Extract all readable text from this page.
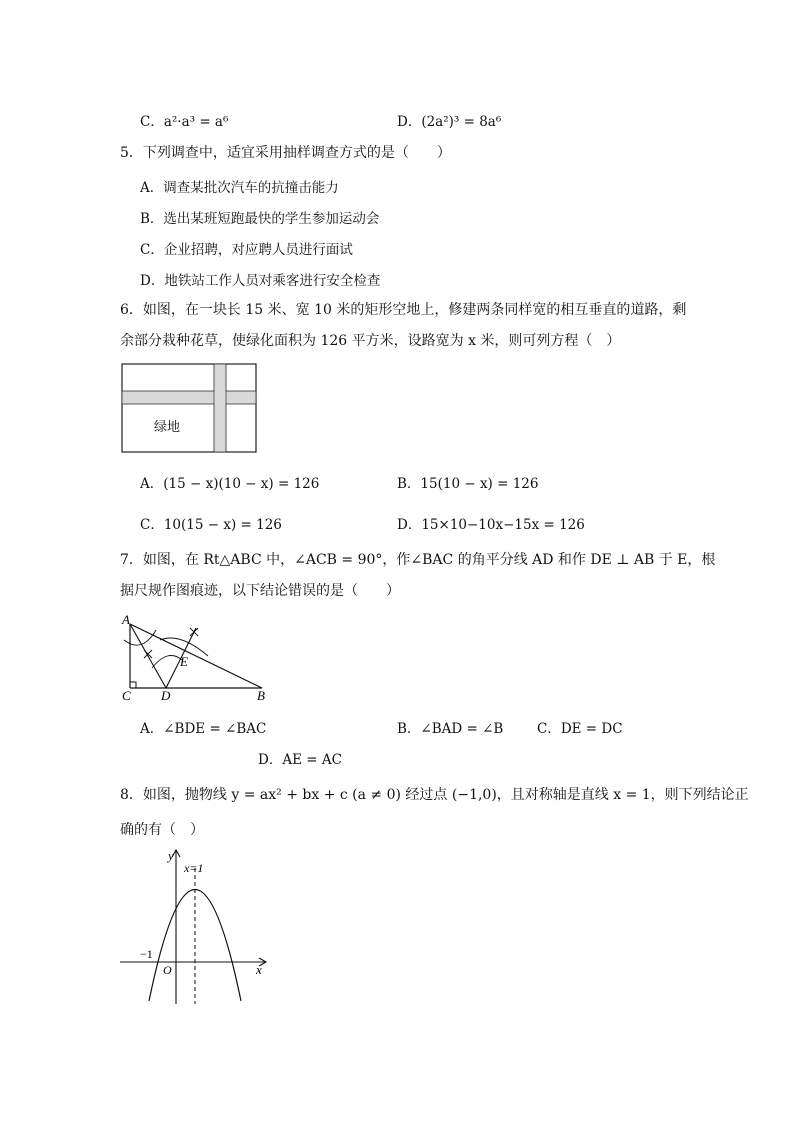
C．a²·a³ = a⁶	D．(2a²)³ = 8a⁶
5．下列调查中，适宜采用抽样调查方式的是（　　）
A．调查某批次汽车的抗撞击能力
B．选出某班短跑最快的学生参加运动会
C．企业招聘，对应聘人员进行面试
D．地铁站工作人员对乘客进行安全检查
6．如图，在一块长 15 米、宽 10 米的矩形空地上，修建两条同样宽的相互垂直的道路，剩
余部分栽种花草，使绿化面积为 126 平方米，设路宽为 x 米，则可列方程（　）
绿地
A．(15 − x)(10 − x) = 126	B．15(10 − x) = 126
C．10(15 − x) = 126	D．15×10−10x−15x = 126
7．如图，在 Rt△ABC 中，∠ACB = 90°，作∠BAC 的角平分线 AD 和作 DE ⊥ AB 于 E，根
据尺规作图痕迹，以下结论错误的是（　　）
A
C D	B
E
A．∠BDE = ∠BAC	B．∠BAD = ∠B C．DE = DC
D．AE = AC
8．如图，抛物线 y = ax² + bx + c (a ≠ 0) 经过点 (−1,0)，且对称轴是直线 x = 1，则下列结论正
确的有（　）
y
x
O
−1
x=1
